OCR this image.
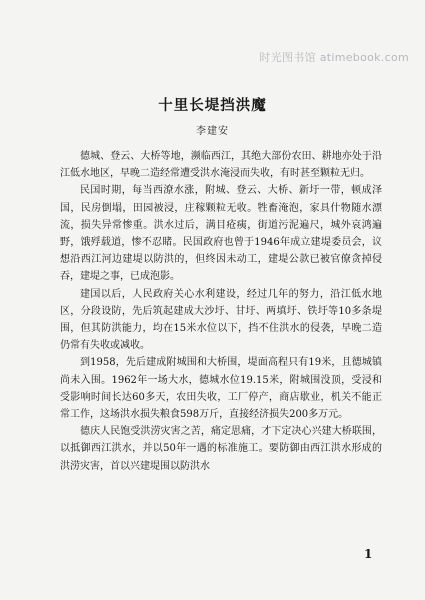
时光图书馆 atimebook.com
十里长堤挡洪魔
李建安

德城、登云、大桥等地，濒临西江，其绝大部份农田、耕地亦处于沿江低水地区，早晚二造经常遭受洪水淹浸而失收，有时甚至颗粒无归。

民国时期，每当西潦水涨，附城、登云、大桥、新圩一带，顿成泽国，民房倒塌，田园被浸，庄稼颗粒无收。牲畜淹泡，家具什物随水漂流，损失异常惨重。洪水过后，满目疮痍，街道污泥遍尺，城外哀鸿遍野，饿殍载道，惨不忍睹。民国政府也曾于1946年成立建堤委员会，议想沿西江河边建堤以防洪的，但终因未动工，建堤公款已被官僚贪掉侵吞，建堤之事，已成泡影。

建国以后，人民政府关心水利建设，经过几年的努力，沿江低水地区，分段设防，先后筑起建成大沙圩、甘圩、两填圩、铁圩等10多条堤围，但其防洪能力，均在15米水位以下，挡不住洪水的侵袭，早晚二造仍常有失收或减收。

到1958，先后建成附城围和大桥围，堤面高程只有19米，且德城镇尚未入围。1962年一场大水，德城水位19.15米，附城围没顶，受浸和受影响时间长达60多天，农田失收，工厂停产，商店歇业，机关不能正常工作，这场洪水损失粮食598万斤，直接经济损失200多万元。

德庆人民饱受洪涝灾害之苦，痛定思痛，才下定决心兴建大桥联围，以抵御西江洪水，并以50年一遇的标准施工。要防御由西江洪水形成的洪涝灾害，首以兴建堤围以防洪水

1
